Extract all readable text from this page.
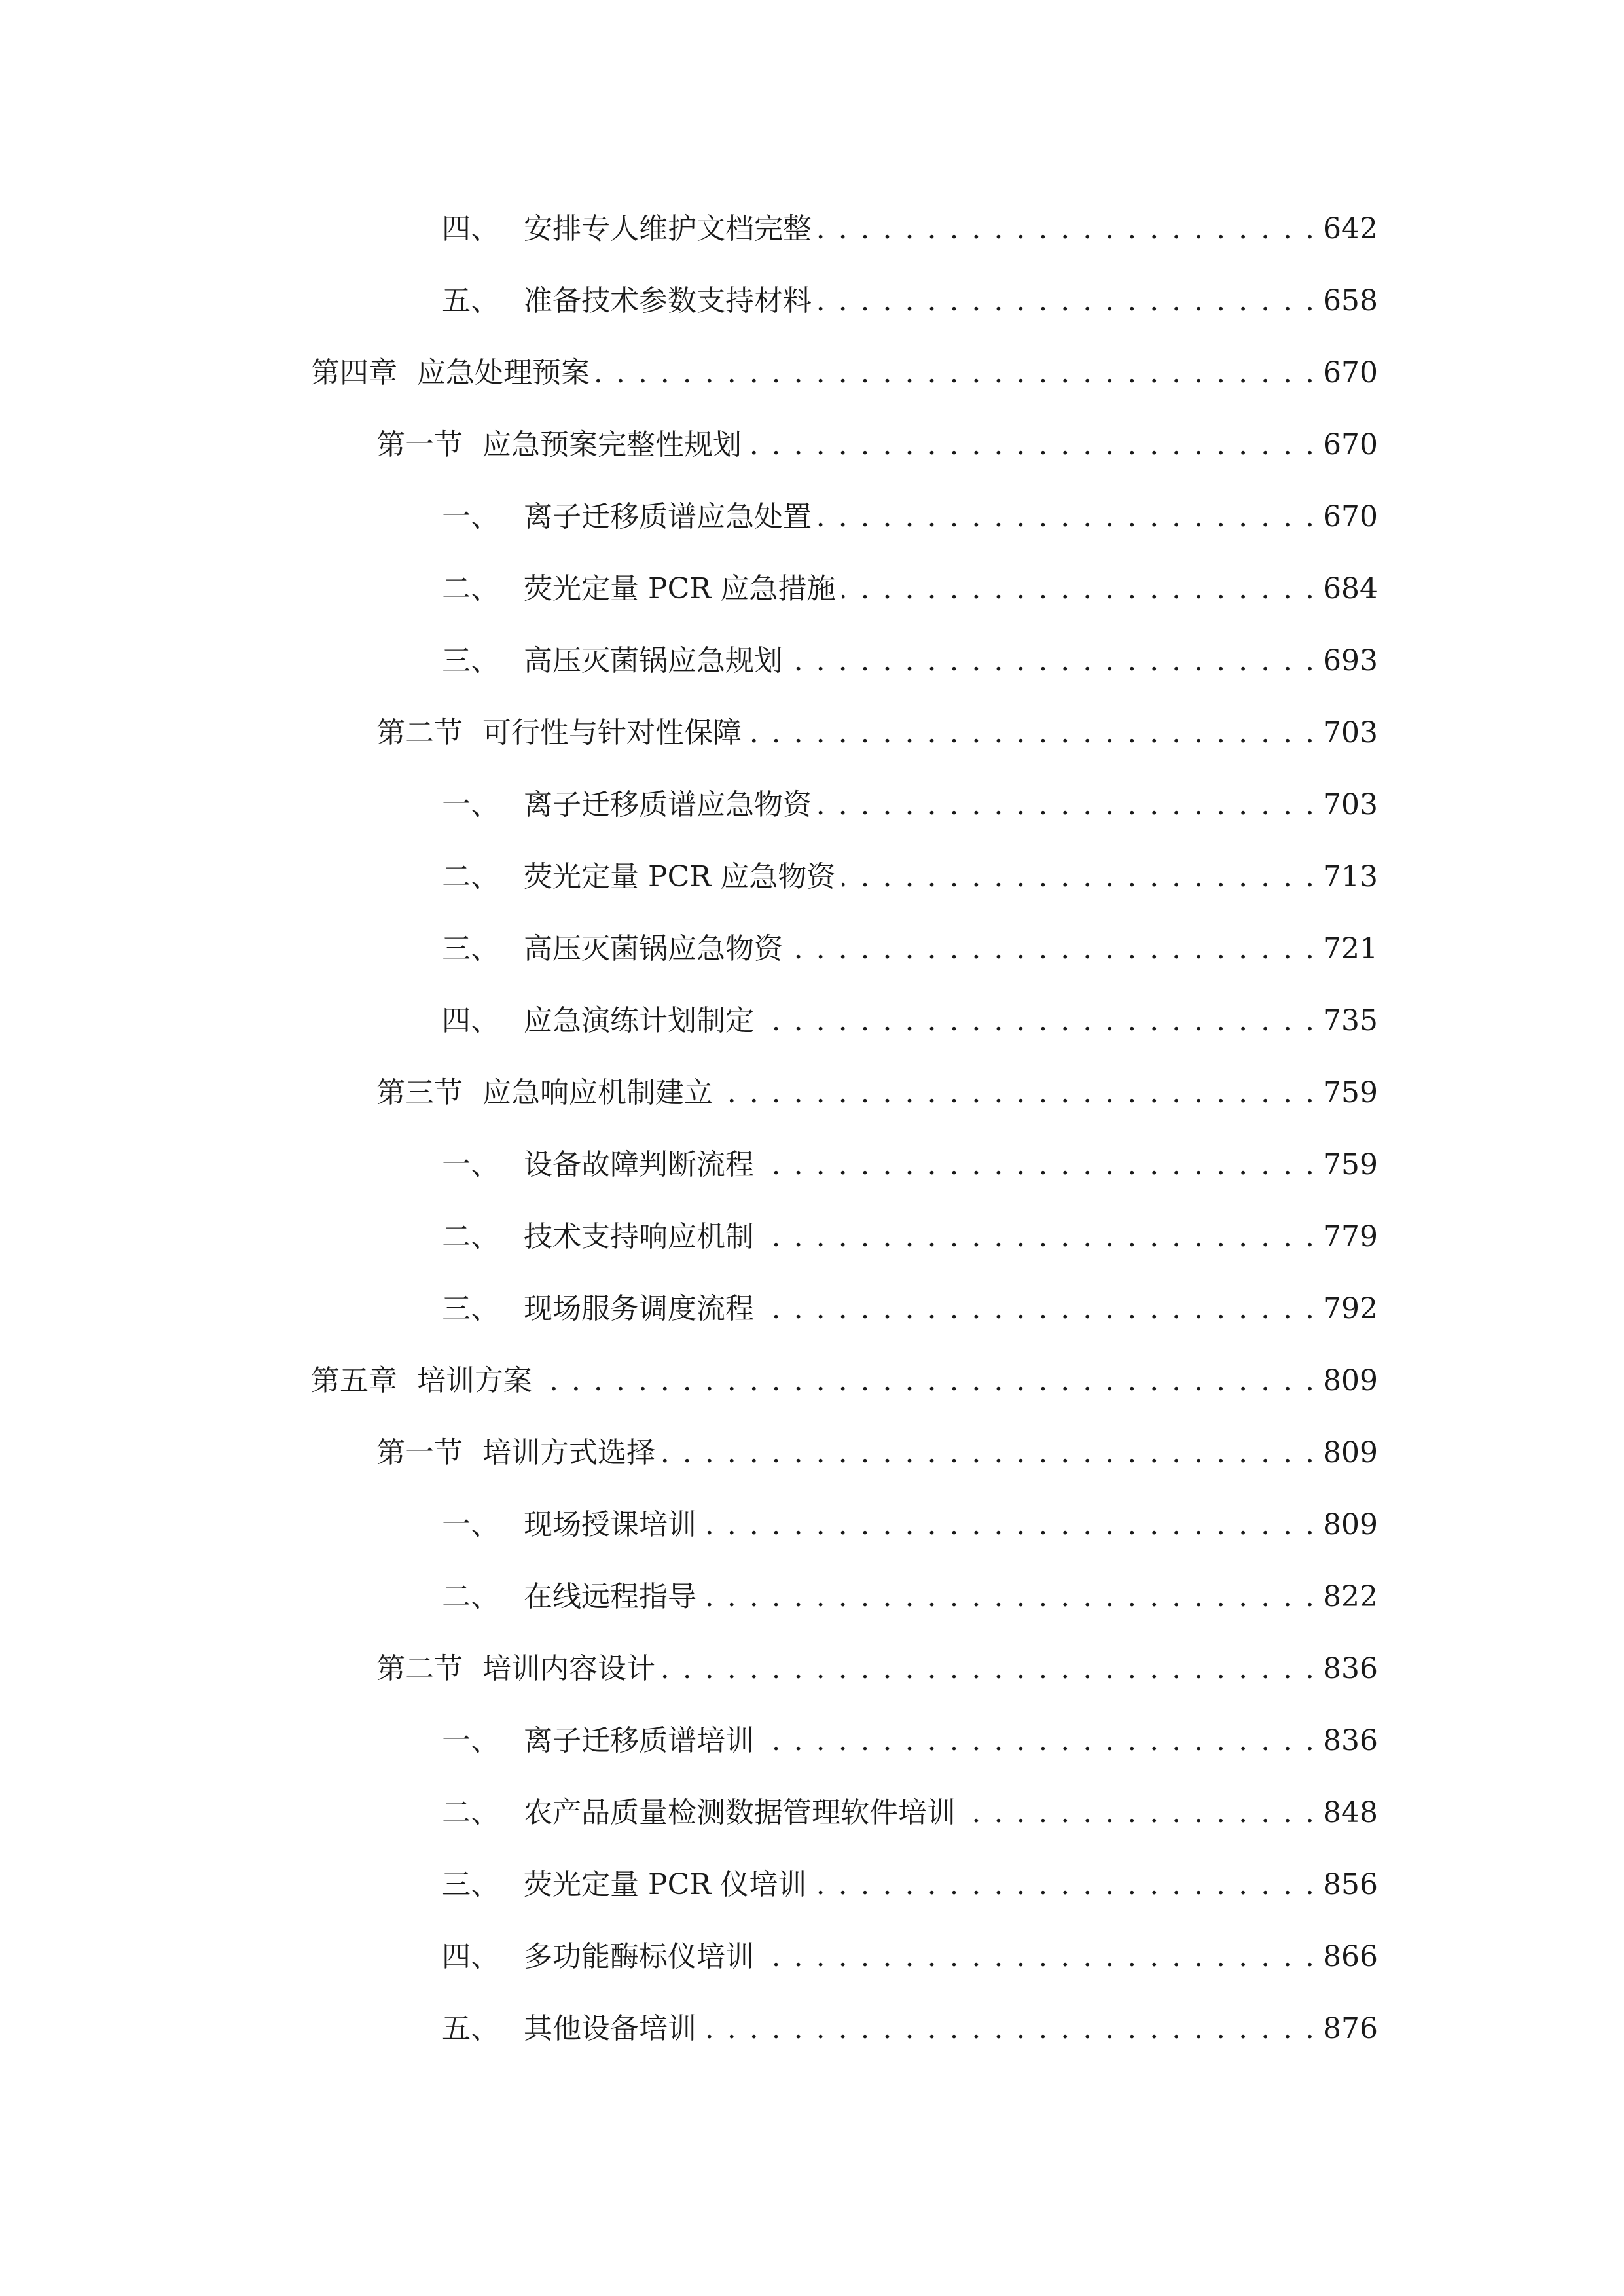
四、 安排专人维护文档完整 . . .	642
五、 准备技术参数支持材料 . . .	658
第四章 应急处理预案 . . .	670
第一节 应急预案完整性规划 . . .	670
一、 离子迁移质谱应急处置 . . .	670
二、 荧光定量 PCR 应急措施 . . .	684
三、 高压灭菌锅应急规划 . . .	693
第二节 可行性与针对性保障 . . .	703
一、 离子迁移质谱应急物资 . . .	703
二、 荧光定量 PCR 应急物资 . . .	713
三、 高压灭菌锅应急物资 . . .	721
四、 应急演练计划制定 . . .	735
第三节 应急响应机制建立 . . .	759
一、 设备故障判断流程 . . .	759
二、 技术支持响应机制 . . .	779
三、 现场服务调度流程 . . .	792
第五章 培训方案 . . .	809
第一节 培训方式选择 . . .	809
一、 现场授课培训 . . .	809
二、 在线远程指导 . . .	822
第二节 培训内容设计 . . .	836
一、 离子迁移质谱培训 . . .	836
二、 农产品质量检测数据管理软件培训 . . .	848
三、 荧光定量 PCR 仪培训 . . .	856
四、 多功能酶标仪培训 . . .	866
五、 其他设备培训 . . .	876
